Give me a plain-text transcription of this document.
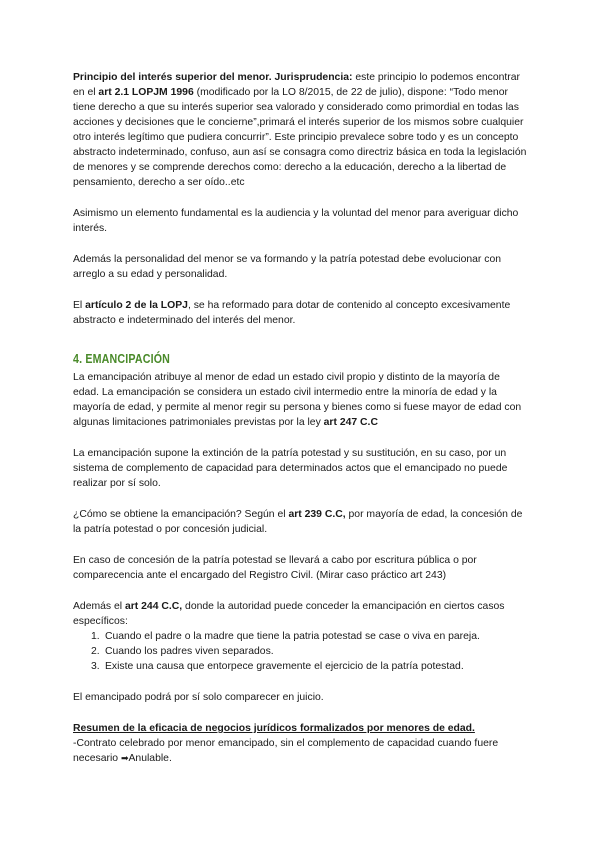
Principio del interés superior del menor. Jurisprudencia: este principio lo podemos encontrar en el art 2.1 LOPJM 1996 (modificado por la LO 8/2015, de 22 de julio), dispone: “Todo menor tiene derecho a que su interés superior sea valorado y considerado como primordial en todas las acciones y decisiones que le concierne”,primará el interés superior de los mismos sobre cualquier otro interés legítimo que pudiera concurrir”. Este principio prevalece sobre todo y es un concepto abstracto indeterminado, confuso, aun así se consagra como directriz básica en toda la legislación de menores y se comprende derechos como: derecho a la educación, derecho a la libertad de pensamiento, derecho a ser oído..etc

Asimismo un elemento fundamental es la audiencia y la voluntad del menor para averiguar dicho interés.

Además la personalidad del menor se va formando y la patría potestad debe evolucionar con arreglo a su edad y personalidad.

El artículo 2 de la LOPJ, se ha reformado para dotar de contenido al concepto excesivamente abstracto e indeterminado del interés del menor.

4. EMANCIPACIÓN

La emancipación atribuye al menor de edad un estado civil propio y distinto de la mayoría de edad. La emancipación se considera un estado civil intermedio entre la minoría de edad y la mayoría de edad, y permite al menor regir su persona y bienes como si fuese mayor de edad con algunas limitaciones patrimoniales previstas por la ley art 247 C.C

La emancipación supone la extinción de la patría potestad y su sustitución, en su caso, por un sistema de complemento de capacidad para determinados actos que el emancipado no puede realizar por sí solo.

¿Cómo se obtiene la emancipación? Según el art 239 C.C, por mayoría de edad, la concesión de la patría potestad o por concesión judicial.

En caso de concesión de la patría potestad se llevará a cabo por escritura pública o por comparecencia ante el encargado del Registro Civil. (Mirar caso práctico art 243)

Además el art 244 C.C, donde la autoridad puede conceder la emancipación en ciertos casos específicos:

1. Cuando el padre o la madre que tiene la patria potestad se case o viva en pareja.
2. Cuando los padres viven separados.
3. Existe una causa que entorpece gravemente el ejercicio de la patría potestad.

El emancipado podrá por sí solo comparecer en juicio.

Resumen de la eficacia de negocios jurídicos formalizados por menores de edad.

-Contrato celebrado por menor emancipado, sin el complemento de capacidad cuando fuere necesario ➡Anulable.
